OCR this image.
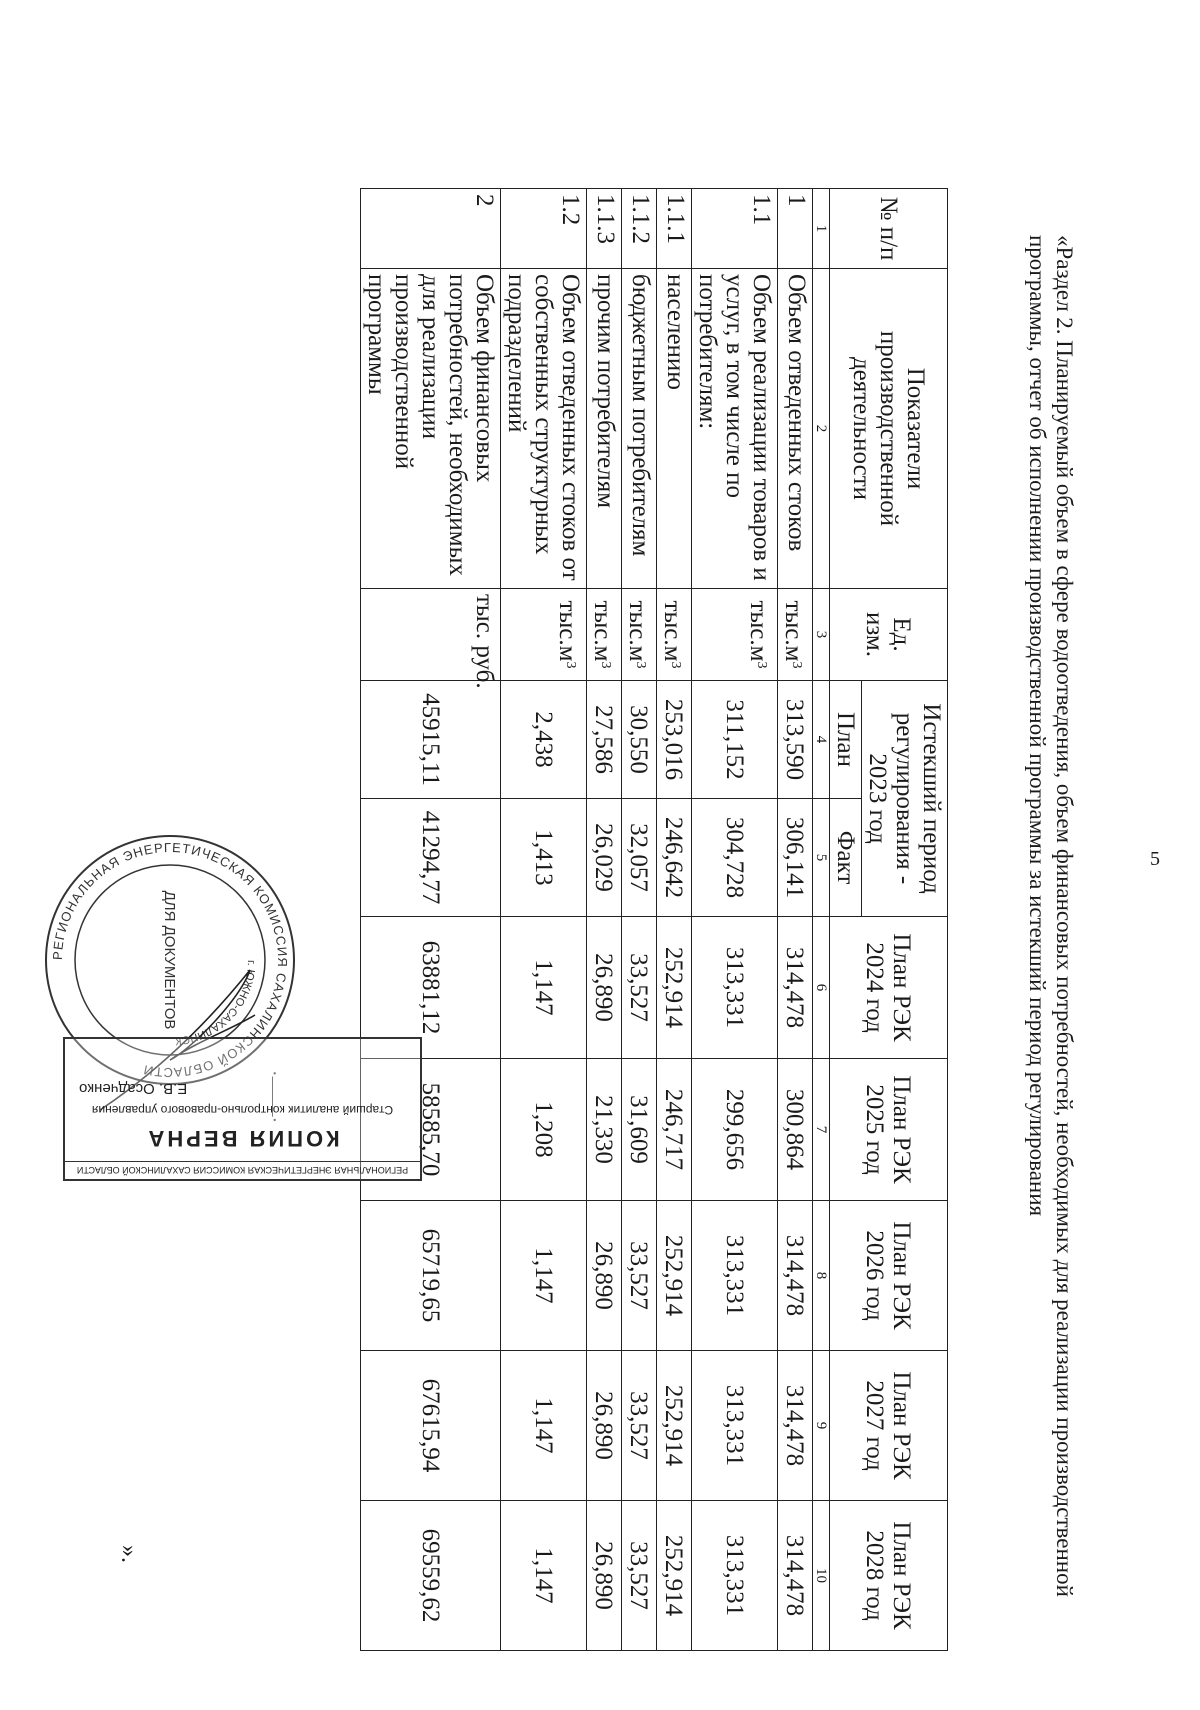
5
«Раздел 2. Планируемый объем в сфере водоотведения, объем финансовых потребностей, необходимых для реализации производственной программы, отчет об исполнении производственной программы за истекший период регулирования
№ п/п	Показатели производственной деятельности	Ед. изм.	Истекший период регулирования - 2023 год		План РЭК 2024 год	План РЭК 2025 год	План РЭК 2026 год	План РЭК 2027 год	План РЭК 2028 год
			План	Факт					
1	2	3	4	5	6	7	8	9	10
1	Объем отведенных стоков	$тыс.м^3$	313,590	306,141	314,478	300,864	314,478	314,478	314,478
1.1	Объем реализации товаров и услуг, в том числе по потребителям:	$тыс.м^3$	311,152	304,728	313,331	299,656	313,331	313,331	313,331
1.1.1	населению	$тыс.м^3$	253,016	246,642	252,914	246,717	252,914	252,914	252,914
1.1.2	бюджетным потребителям	$тыс.м^3$	30,550	32,057	33,527	31,609	33,527	33,527	33,527
1.1.3	прочим потребителям	$тыс.м^3$	27,586	26,029	26,890	21,330	26,890	26,890	26,890
1.2	Объем отведенных стоков от собственных структурных подразделений	$тыс.м^3$	2,438	1,413	1,147	1,208	1,147	1,147	1,147
2	Объем финансовых потребностей, необходимых для реализации производственной программы	тыс. руб.	45915,11	41294,77	63881,12	58585,70	65719,65	67615,94	69559,62
·——·
».
РЕГИОНАЛЬНАЯ ЭНЕРГЕТИЧЕСКАЯ КОМИССИЯ САХАЛИНСКОЙ ОБЛАСТИ
г. ЮЖНО-САХАЛИНСК
ДЛЯ ДОКУМЕНТОВ
РЕГИОНАЛЬНАЯ ЭНЕРГЕТИЧЕСКАЯ КОМИССИЯ САХАЛИНСКОЙ ОБЛАСТИ
КОПИЯ ВЕРНА
Старший аналитик контрольно-правового управления
Е.В. Осадченко
